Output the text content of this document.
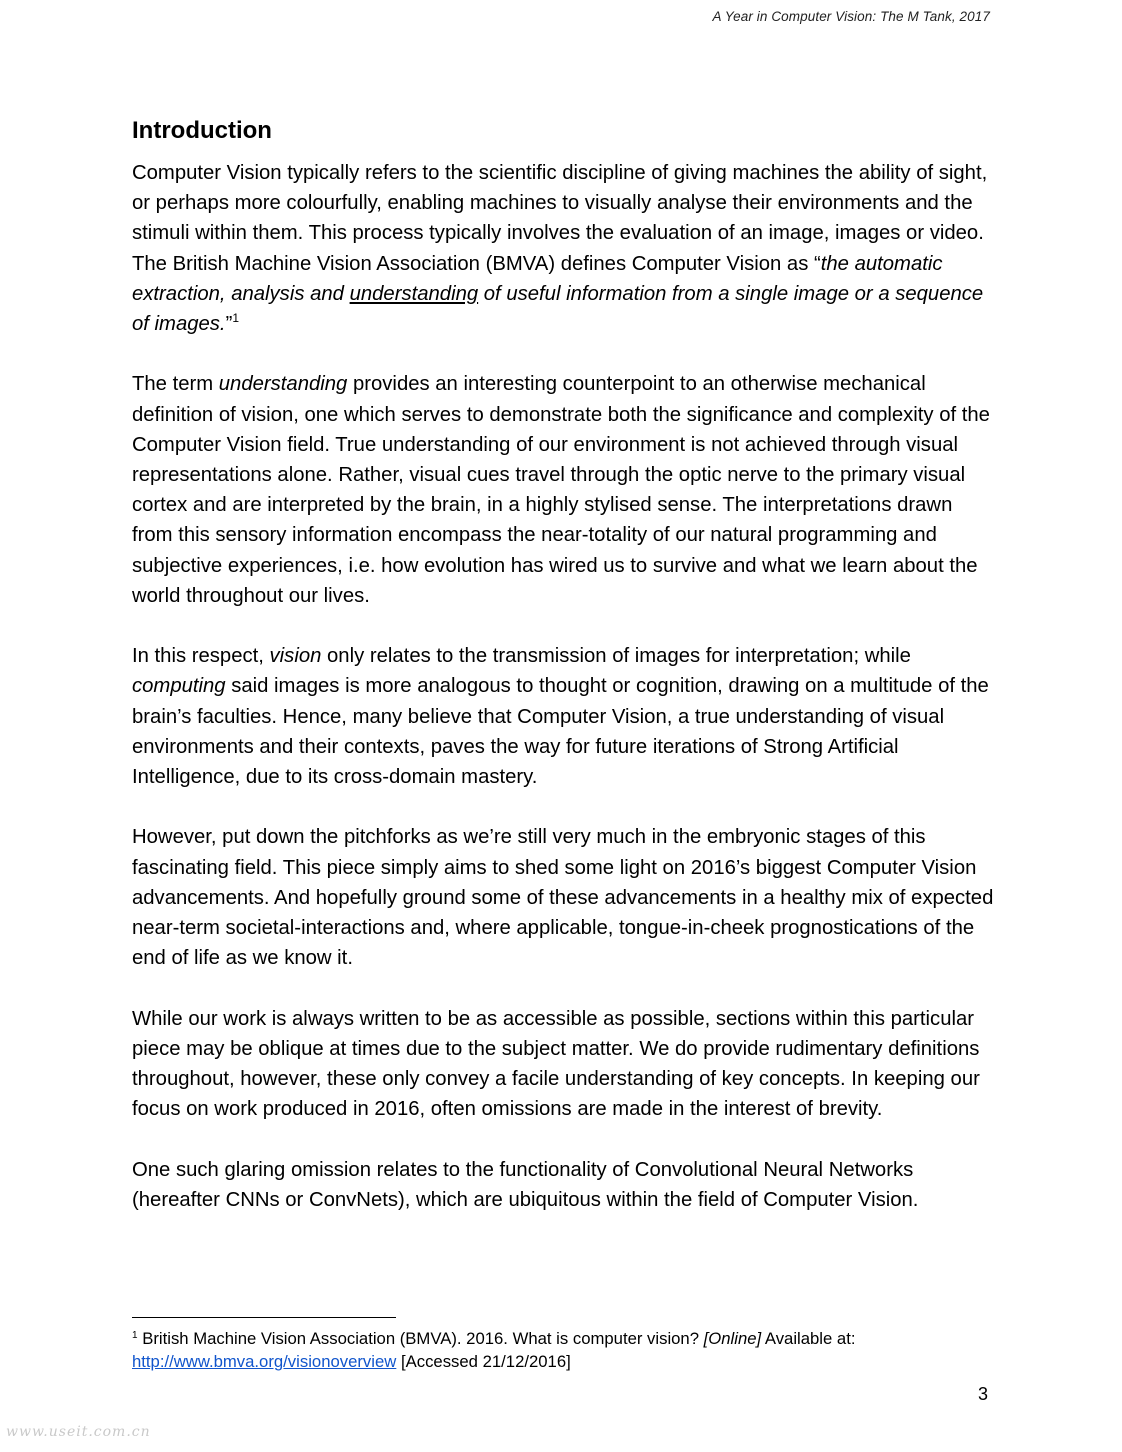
A Year in Computer Vision: The M Tank, 2017
Introduction

Computer Vision typically refers to the scientific discipline of giving machines the ability of sight, or perhaps more colourfully, enabling machines to visually analyse their environments and the stimuli within them. This process typically involves the evaluation of an image, images or video. The British Machine Vision Association (BMVA) defines Computer Vision as “the automatic extraction, analysis and understanding of useful information from a single image or a sequence of images.”$^1$

The term understanding provides an interesting counterpoint to an otherwise mechanical definition of vision, one which serves to demonstrate both the significance and complexity of the Computer Vision field. True understanding of our environment is not achieved through visual representations alone. Rather, visual cues travel through the optic nerve to the primary visual cortex and are interpreted by the brain, in a highly stylised sense. The interpretations drawn from this sensory information encompass the near-totality of our natural programming and subjective experiences, i.e. how evolution has wired us to survive and what we learn about the world throughout our lives.

In this respect, vision only relates to the transmission of images for interpretation; while computing said images is more analogous to thought or cognition, drawing on a multitude of the brain’s faculties. Hence, many believe that Computer Vision, a true understanding of visual environments and their contexts, paves the way for future iterations of Strong Artificial Intelligence, due to its cross-domain mastery.

However, put down the pitchforks as we’re still very much in the embryonic stages of this fascinating field. This piece simply aims to shed some light on 2016’s biggest Computer Vision advancements. And hopefully ground some of these advancements in a healthy mix of expected near-term societal-interactions and, where applicable, tongue-in-cheek prognostications of the end of life as we know it.

While our work is always written to be as accessible as possible, sections within this particular piece may be oblique at times due to the subject matter. We do provide rudimentary definitions throughout, however, these only convey a facile understanding of key concepts. In keeping our focus on work produced in 2016, often omissions are made in the interest of brevity.

One such glaring omission relates to the functionality of Convolutional Neural Networks (hereafter CNNs or ConvNets), which are ubiquitous within the field of Computer Vision.

$^1$ British Machine Vision Association (BMVA). 2016. What is computer vision? [Online] Available at: http://www.bmva.org/visionoverview [Accessed 21/12/2016]
3
www.useit.com.cn
